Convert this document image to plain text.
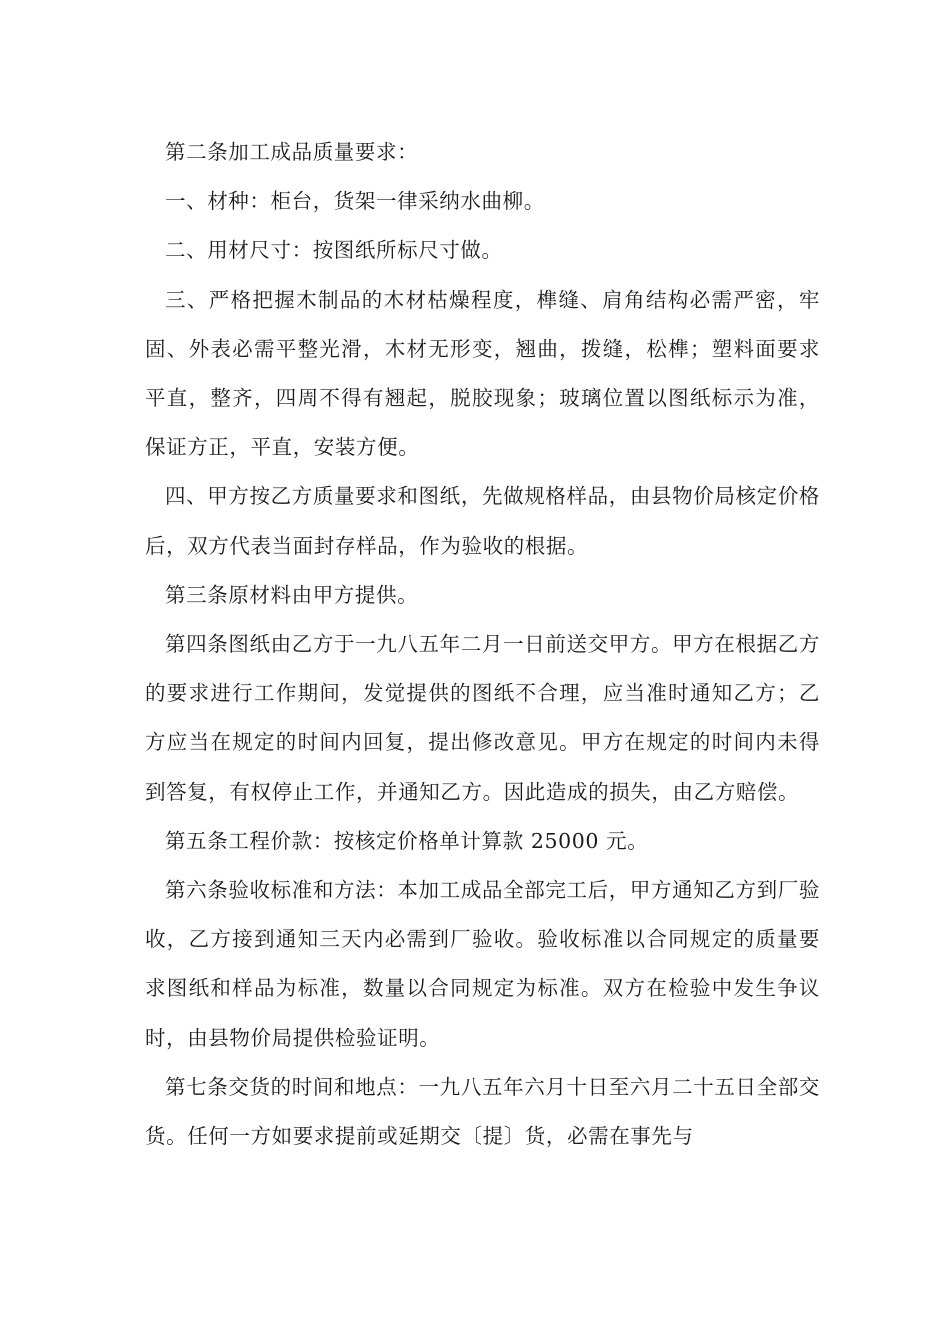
第二条加工成品质量要求：

一、材种：柜台，货架一律采纳水曲柳。

二、用材尺寸：按图纸所标尺寸做。

三、严格把握木制品的木材枯燥程度，榫缝、肩角结构必需严密，牢固、外表必需平整光滑，木材无形变，翘曲，拨缝，松榫；塑料面要求平直，整齐，四周不得有翘起，脱胶现象；玻璃位置以图纸标示为准，保证方正，平直，安装方便。

四、甲方按乙方质量要求和图纸，先做规格样品，由县物价局核定价格后，双方代表当面封存样品，作为验收的根据。

第三条原材料由甲方提供。

第四条图纸由乙方于一九八五年二月一日前送交甲方。甲方在根据乙方的要求进行工作期间，发觉提供的图纸不合理，应当准时通知乙方；乙方应当在规定的时间内回复，提出修改意见。甲方在规定的时间内未得到答复，有权停止工作，并通知乙方。因此造成的损失，由乙方赔偿。

第五条工程价款：按核定价格单计算款 25000 元。

第六条验收标准和方法：本加工成品全部完工后，甲方通知乙方到厂验收，乙方接到通知三天内必需到厂验收。验收标准以合同规定的质量要求图纸和样品为标准，数量以合同规定为标准。双方在检验中发生争议时，由县物价局提供检验证明。

第七条交货的时间和地点：一九八五年六月十日至六月二十五日全部交货。任何一方如要求提前或延期交〔提〕货，必需在事先与
